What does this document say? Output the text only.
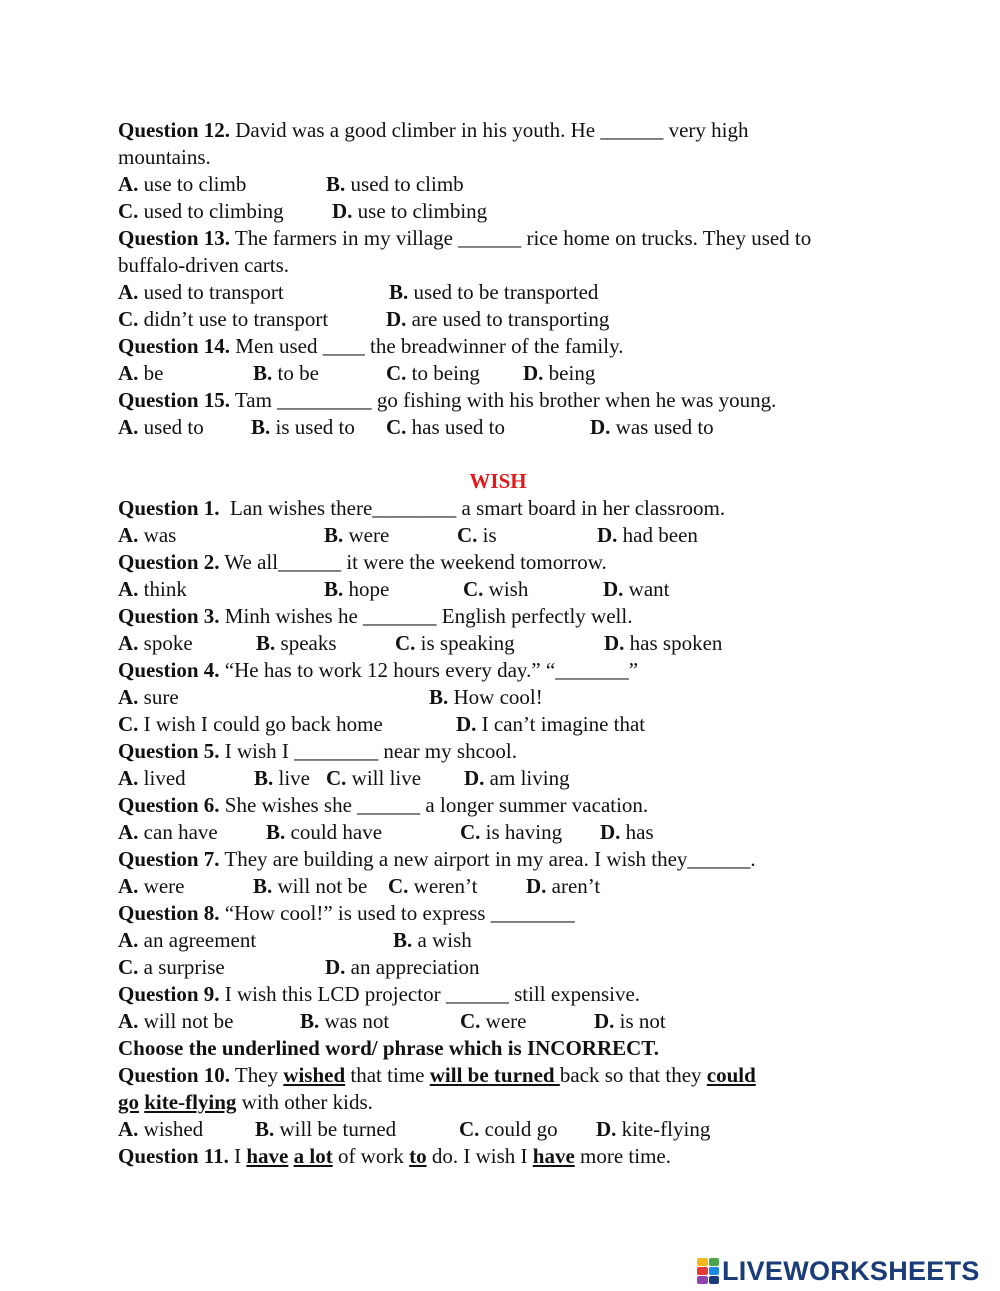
Question 12. David was a good climber in his youth. He ______ very high
mountains.
A. use to climb	B. used to climb
C. used to climbing D. use to climbing
Question 13. The farmers in my village ______ rice home on trucks. They used to
buffalo-driven carts.
A. used to transport	B. used to be transported
C. didn’t use to transport	D. are used to transporting
Question 14. Men used ____ the breadwinner of the family.
A. be	B. to be	C. to being D. being
Question 15. Tam _________ go fishing with his brother when he was young.
A. used to B. is used to C. has used to	D. was used to
WISH
Question 1.  Lan wishes there________ a smart board in her classroom.
A. was	B. were	C. is	D. had been
Question 2. We all______ it were the weekend tomorrow.
A. think	B. hope	C. wish	D. want
Question 3. Minh wishes he _______ English perfectly well.
A. spoke	B. speaks	C. is speaking	D. has spoken
Question 4. “He has to work 12 hours every day.” “_______”
A. sure	B. How cool!
C. I wish I could go back home	D. I can’t imagine that
Question 5. I wish I ________ near my shcool.
A. lived	B. live C. will live D. am living
Question 6. She wishes she ______ a longer summer vacation.
A. can have B. could have	C. is having D. has
Question 7. They are building a new airport in my area. I wish they______.
A. were	B. will not be C. weren’t D. aren’t
Question 8. “How cool!” is used to express ________
A. an agreement	B. a wish
C. a surprise	D. an appreciation
Question 9. I wish this LCD projector ______ still expensive.
A. will not be	B. was not	C. were	D. is not
Choose the underlined word/ phrase which is INCORRECT.
Question 10. They wished that time will be turned back so that they could
go kite-flying with other kids.
A. wished B. will be turned	C. could go D. kite-flying
Question 11. I have a lot of work to do. I wish I have more time.
LIVEWORKSHEETS
